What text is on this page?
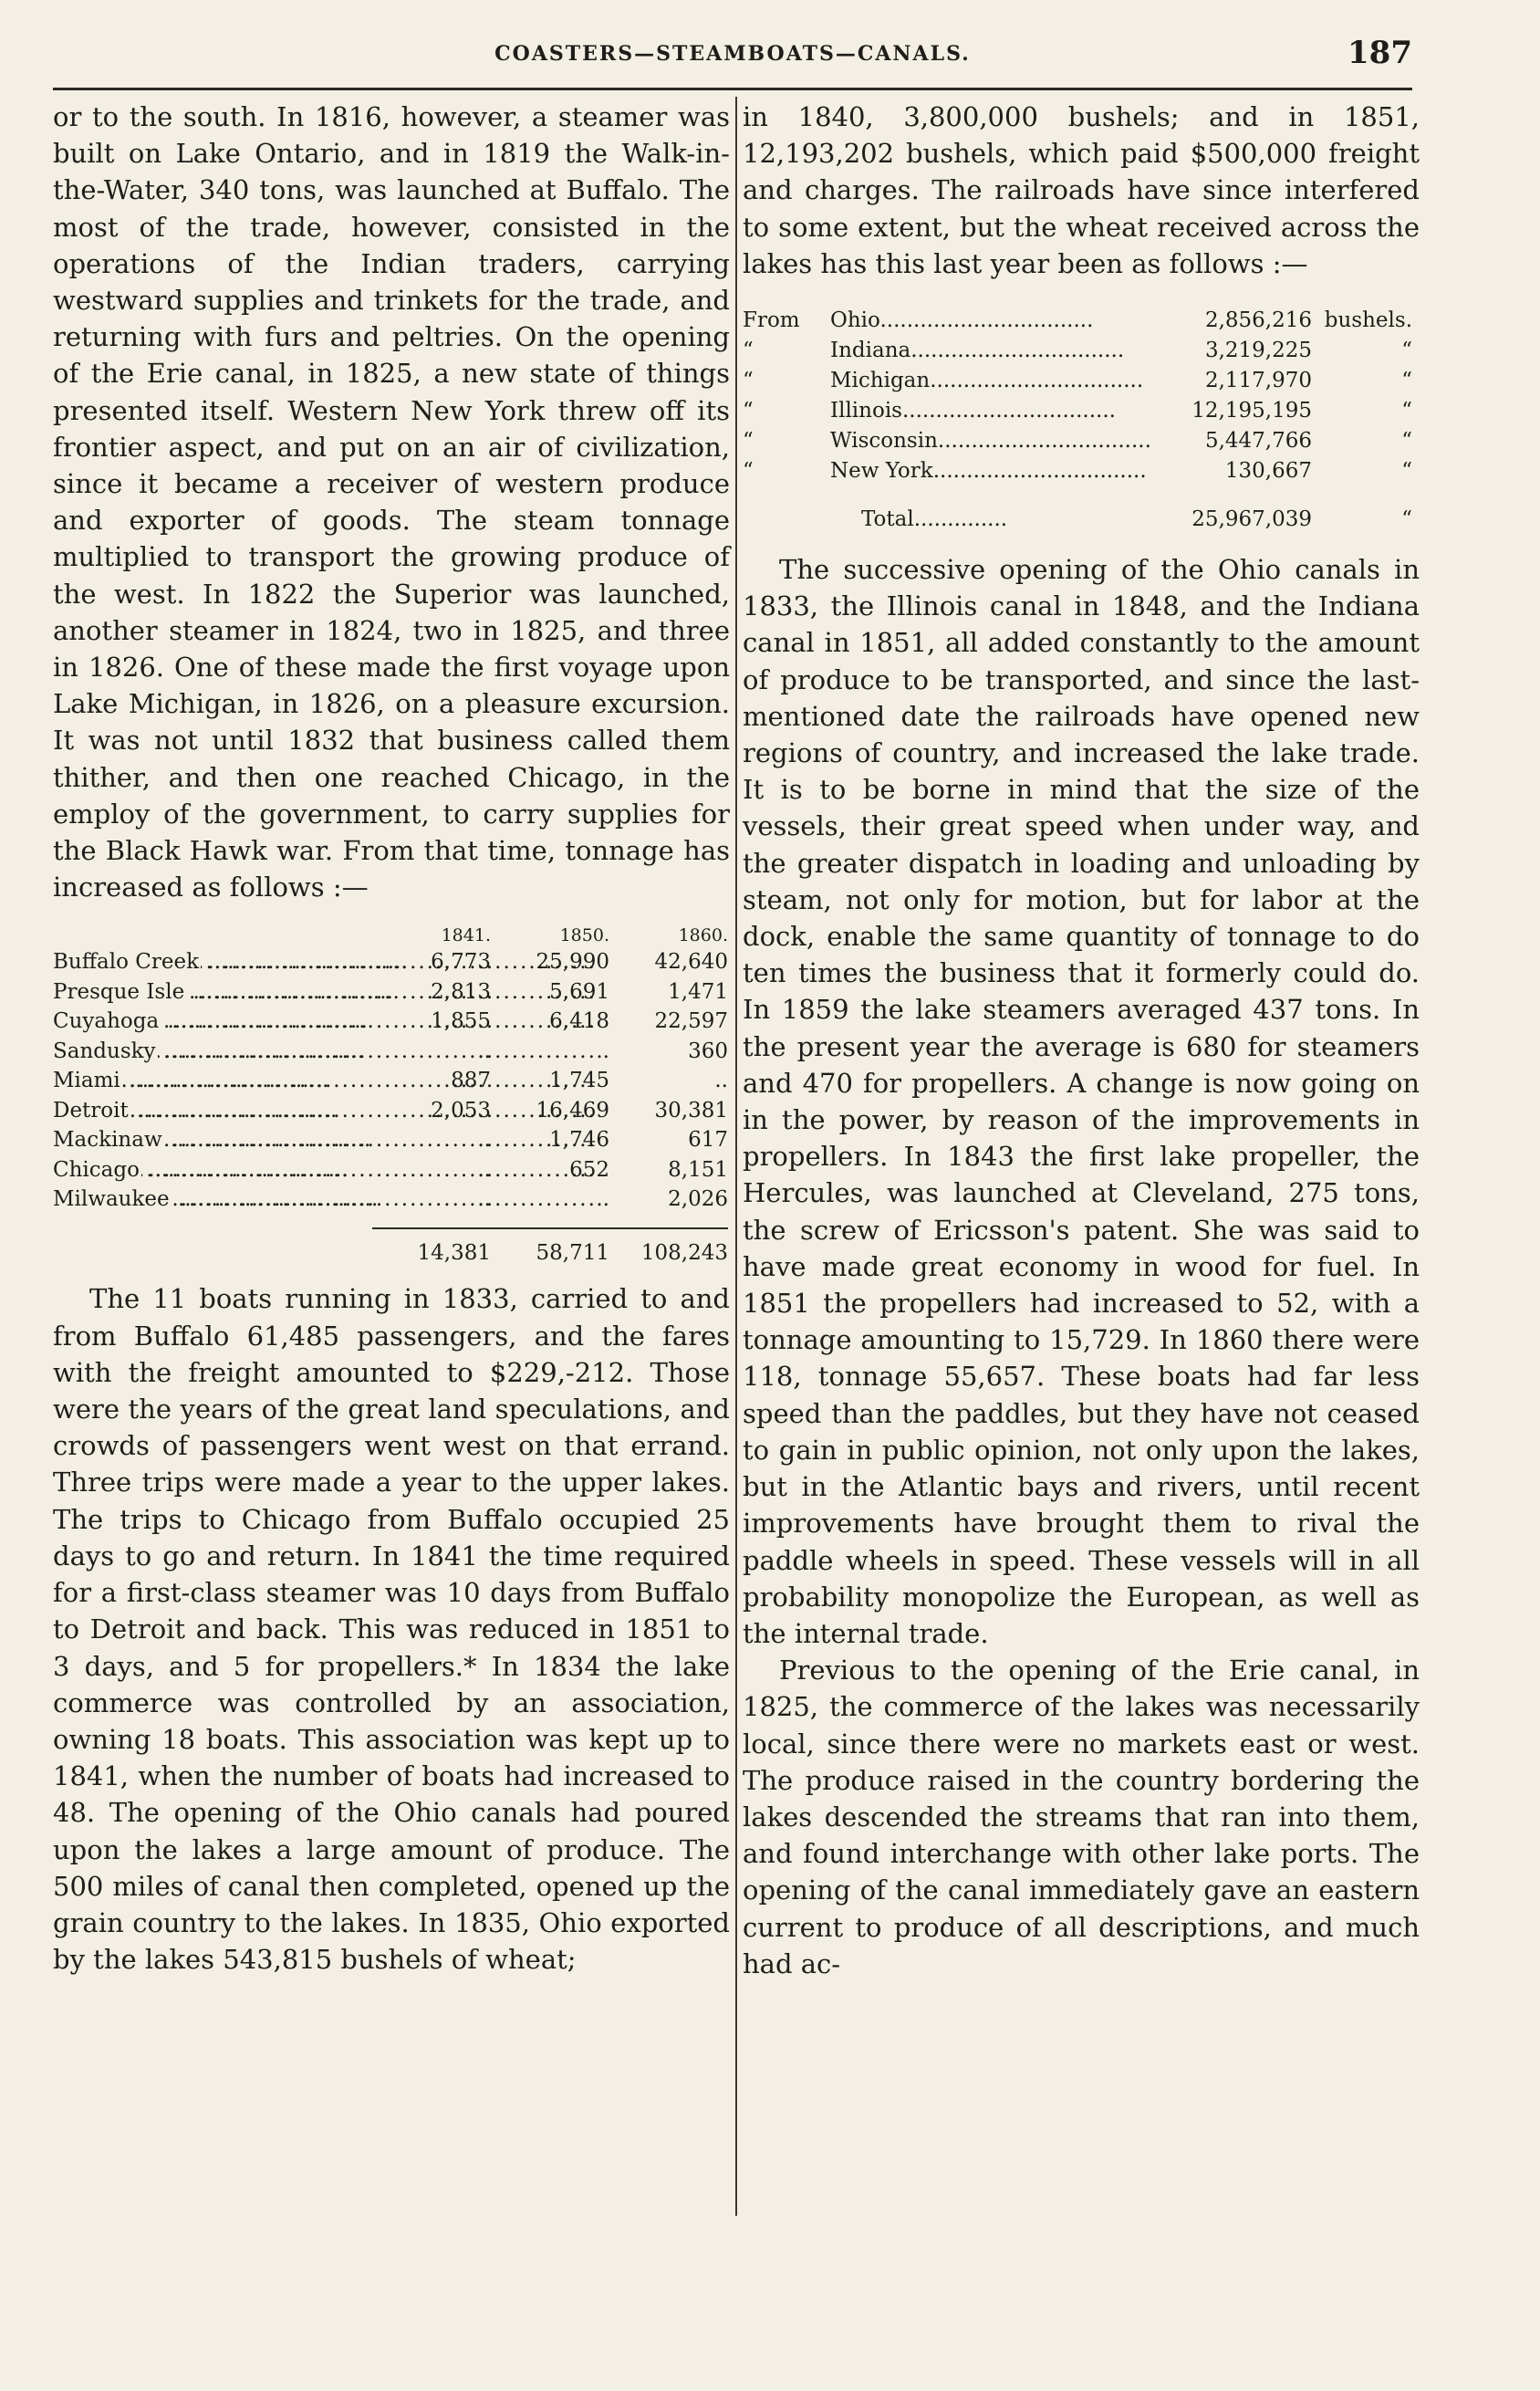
COASTERS—STEAMBOATS—CANALS.	187

or to the south. In 1816, however, a steamer was built on Lake Ontario, and in 1819 the Walk-in-the-Water, 340 tons, was launched at Buffalo. The most of the trade, however, consisted in the operations of the Indian traders, carrying westward supplies and trinkets for the trade, and returning with furs and peltries. On the opening of the Erie canal, in 1825, a new state of things presented itself. Western New York threw off its frontier aspect, and put on an air of civilization, since it became a receiver of western produce and exporter of goods. The steam tonnage multiplied to transport the growing produce of the west. In 1822 the Superior was launched, another steamer in 1824, two in 1825, and three in 1826. One of these made the first voyage upon Lake Michigan, in 1826, on a pleasure excursion. It was not until 1832 that business called them thither, and then one reached Chicago, in the employ of the government, to carry supplies for the Black Hawk war. From that time, tonnage has increased as follows :—

1841.	1850.	1860.
Buffalo Creek .............................. .....	6,773	25,990	42,640
Presque Isle .............................. .....	2,813	5,691	1,471
Cuyahoga .............................. .....	1,855	6,418	22,597
Sandusky .............................. .....	..	..	360
Miami .............................. .....	887	1,745	..
Detroit .............................. .....	2,053	16,469	30,381
Mackinaw .............................. .....	..	1,746	617
Chicago .............................. .....	..	652	8,151
Milwaukee .............................. .....	..	..	2,026
14,381	58,711	108,243

The 11 boats running in 1833, carried to and from Buffalo 61,485 passengers, and the fares with the freight amounted to $229,-212. Those were the years of the great land speculations, and crowds of passengers went west on that errand. Three trips were made a year to the upper lakes. The trips to Chicago from Buffalo occupied 25 days to go and return. In 1841 the time required for a first-class steamer was 10 days from Buffalo to Detroit and back. This was reduced in 1851 to 3 days, and 5 for propellers.* In 1834 the lake commerce was controlled by an association, owning 18 boats. This association was kept up to 1841, when the number of boats had increased to 48. The opening of the Ohio canals had poured upon the lakes a large amount of produce. The 500 miles of canal then completed, opened up the grain country to the lakes. In 1835, Ohio exported by the lakes 543,815 bushels of wheat;

in 1840, 3,800,000 bushels; and in 1851, 12,193,202 bushels, which paid $500,000 freight and charges. The railroads have since interfered to some extent, but the wheat received across the lakes has this last year been as follows :—

From	Ohio................................	2,856,216 bushels.
“	Indiana................................	3,219,225	“
“	Michigan................................	2,117,970	“
“	Illinois................................	12,195,195	“
“	Wisconsin................................	5,447,766	“
“	New York................................	130,667	“
Total..............	25,967,039	“

The successive opening of the Ohio canals in 1833, the Illinois canal in 1848, and the Indiana canal in 1851, all added constantly to the amount of produce to be transported, and since the last-mentioned date the railroads have opened new regions of country, and increased the lake trade. It is to be borne in mind that the size of the vessels, their great speed when under way, and the greater dispatch in loading and unloading by steam, not only for motion, but for labor at the dock, enable the same quantity of tonnage to do ten times the business that it formerly could do. In 1859 the lake steamers averaged 437 tons. In the present year the average is 680 for steamers and 470 for propellers. A change is now going on in the power, by reason of the improvements in propellers. In 1843 the first lake propeller, the Hercules, was launched at Cleveland, 275 tons, the screw of Ericsson's patent. She was said to have made great economy in wood for fuel. In 1851 the propellers had increased to 52, with a tonnage amounting to 15,729. In 1860 there were 118, tonnage 55,657. These boats had far less speed than the paddles, but they have not ceased to gain in public opinion, not only upon the lakes, but in the Atlantic bays and rivers, until recent improvements have brought them to rival the paddle wheels in speed. These vessels will in all probability monopolize the European, as well as the internal trade.

Previous to the opening of the Erie canal, in 1825, the commerce of the lakes was necessarily local, since there were no markets east or west. The produce raised in the country bordering the lakes descended the streams that ran into them, and found interchange with other lake ports. The opening of the canal immediately gave an eastern current to produce of all descriptions, and much had ac-
